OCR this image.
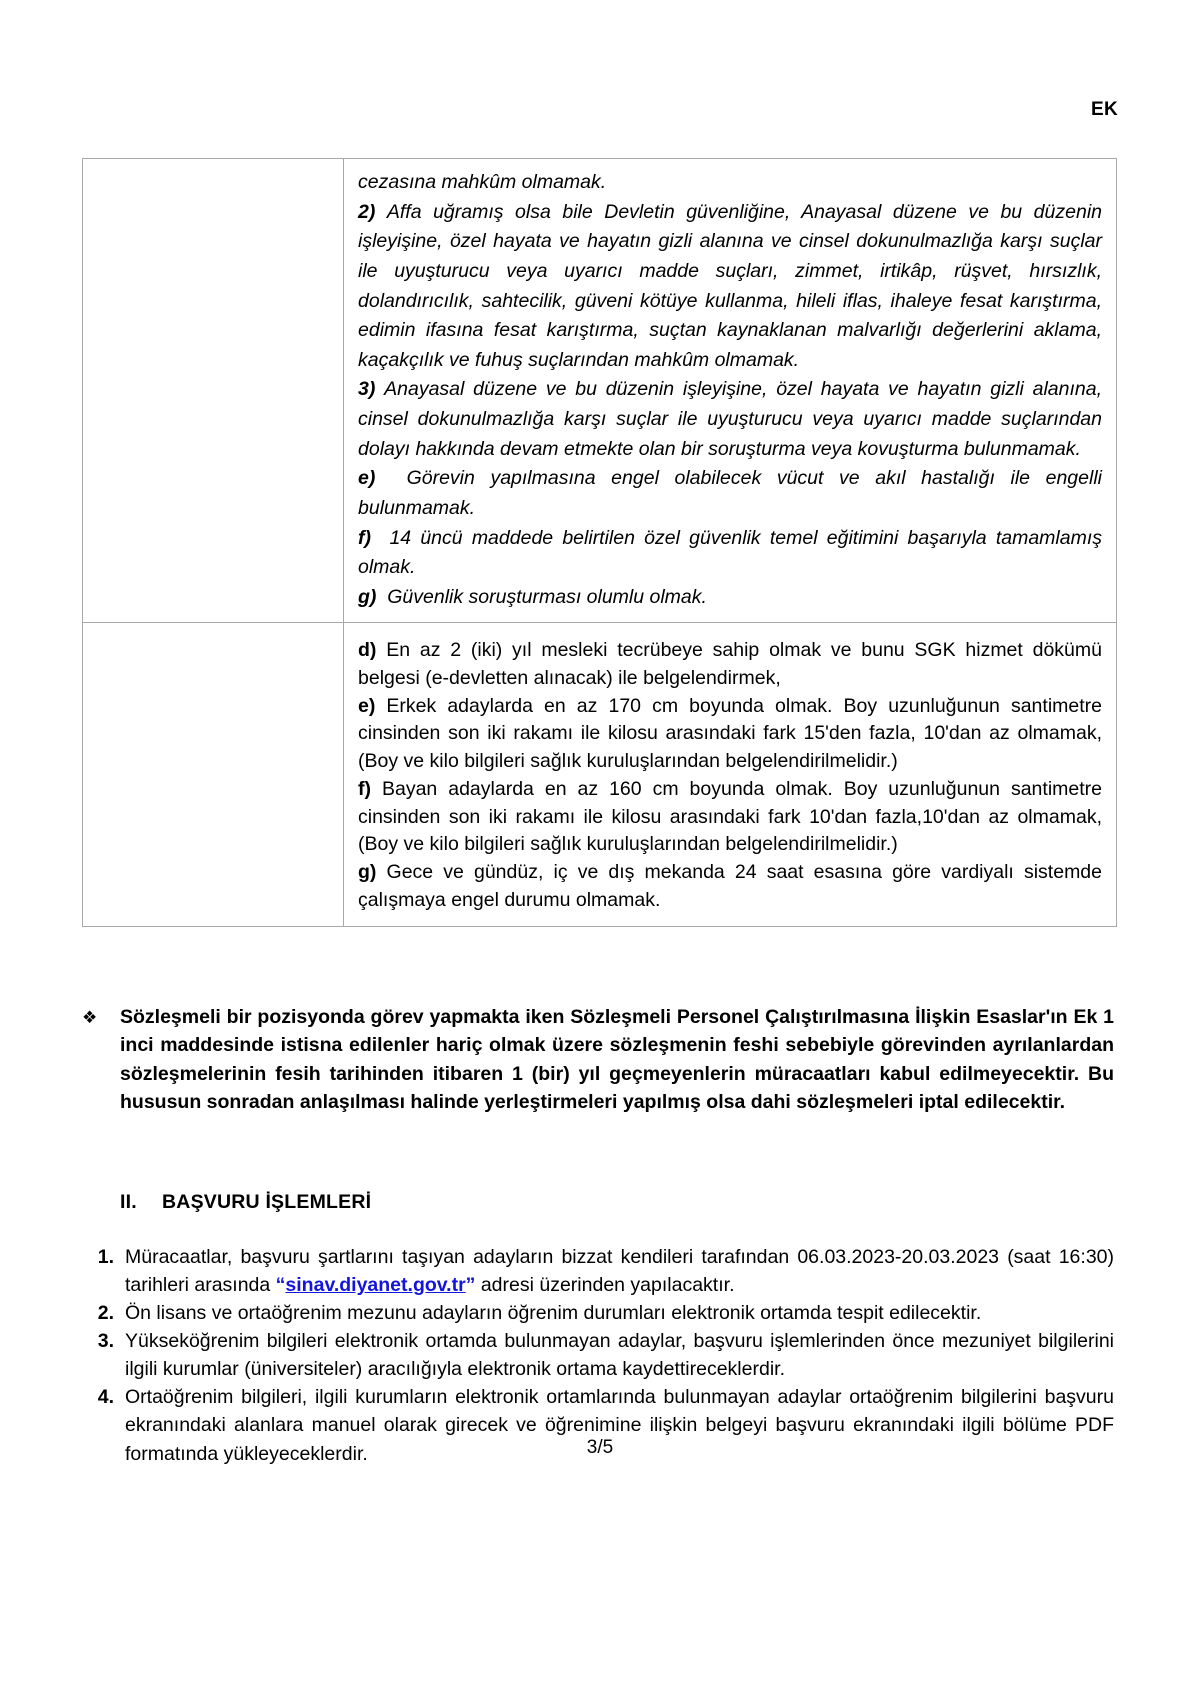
EK

cezasına mahkûm olmamak.

2) Affa uğramış olsa bile Devletin güvenliğine, Anayasal düzene ve bu düzenin işleyişine, özel hayata ve hayatın gizli alanına ve cinsel dokunulmazlığa karşı suçlar ile uyuşturucu veya uyarıcı madde suçları, zimmet, irtikâp, rüşvet, hırsızlık, dolandırıcılık, sahtecilik, güveni kötüye kullanma, hileli iflas, ihaleye fesat karıştırma, edimin ifasına fesat karıştırma, suçtan kaynaklanan malvarlığı değerlerini aklama, kaçakçılık ve fuhuş suçlarından mahkûm olmamak.

3) Anayasal düzene ve bu düzenin işleyişine, özel hayata ve hayatın gizli alanına, cinsel dokunulmazlığa karşı suçlar ile uyuşturucu veya uyarıcı madde suçlarından dolayı hakkında devam etmekte olan bir soruşturma veya kovuşturma bulunmamak.

e) Görevin yapılmasına engel olabilecek vücut ve akıl hastalığı ile engelli bulunmamak.

f) 14 üncü maddede belirtilen özel güvenlik temel eğitimini başarıyla tamamlamış olmak.

g) Güvenlik soruşturması olumlu olmak.

	d) En az 2 (iki) yıl mesleki tecrübeye sahip olmak ve bunu SGK hizmet dökümü belgesi (e-devletten alınacak) ile belgelendirmek,

e) Erkek adaylarda en az 170 cm boyunda olmak. Boy uzunluğunun santimetre cinsinden son iki rakamı ile kilosu arasındaki fark 15'den fazla, 10'dan az olmamak, (Boy ve kilo bilgileri sağlık kuruluşlarından belgelendirilmelidir.)

f) Bayan adaylarda en az 160 cm boyunda olmak. Boy uzunluğunun santimetre cinsinden son iki rakamı ile kilosu arasındaki fark 10'dan fazla,10'dan az olmamak, (Boy ve kilo bilgileri sağlık kuruluşlarından belgelendirilmelidir.)

g) Gece ve gündüz, iç ve dış mekanda 24 saat esasına göre vardiyalı sistemde çalışmaya engel durumu olmamak.

❖	Sözleşmeli bir pozisyonda görev yapmakta iken Sözleşmeli Personel Çalıştırılmasına İlişkin Esaslar'ın Ek 1 inci maddesinde istisna edilenler hariç olmak üzere sözleşmenin feshi sebebiyle görevinden ayrılanlardan sözleşmelerinin fesih tarihinden itibaren 1 (bir) yıl geçmeyenlerin müracaatları kabul edilmeyecektir. Bu hususun sonradan anlaşılması halinde yerleştirmeleri yapılmış olsa dahi sözleşmeleri iptal edilecektir.
II. BAŞVURU İŞLEMLERİ
1. Müracaatlar, başvuru şartlarını taşıyan adayların bizzat kendileri tarafından 06.03.2023-20.03.2023 (saat 16:30) tarihleri arasında “sinav.diyanet.gov.tr” adresi üzerinden yapılacaktır.
2. Ön lisans ve ortaöğrenim mezunu adayların öğrenim durumları elektronik ortamda tespit edilecektir.
3. Yükseköğrenim bilgileri elektronik ortamda bulunmayan adaylar, başvuru işlemlerinden önce mezuniyet bilgilerini ilgili kurumlar (üniversiteler) aracılığıyla elektronik ortama kaydettireceklerdir.
4. Ortaöğrenim bilgileri, ilgili kurumların elektronik ortamlarında bulunmayan adaylar ortaöğrenim bilgilerini başvuru ekranındaki alanlara manuel olarak girecek ve öğrenimine ilişkin belgeyi başvuru ekranındaki ilgili bölüme PDF formatında yükleyeceklerdir.	3/5
